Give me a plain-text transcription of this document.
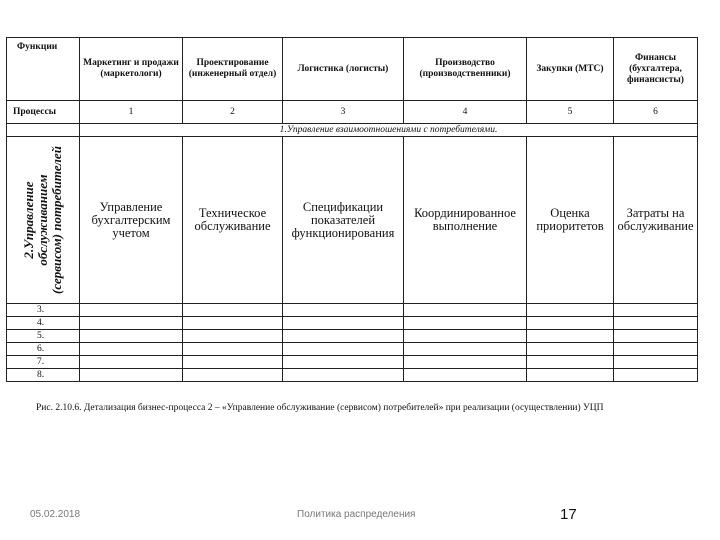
Функции	Маркетинг и продажи (маркетологи)	Проектирование (инженерный отдел)	Логистика (логисты)	Производство (производственники)	Закупки (МТС)	Финансы (бухгалтера, финансисты)
Процессы	1	2	3	4	5	6
	1.Управление взаимоотношениями с потребителями.					

2.Управление обслуживанием (сервисом) потребителей	Управление бухгалтерским учетом	Техническое обслуживание	Спецификации показателей функционирования	Координированное выполнение	Оценка приоритетов	Затраты на обслуживание
3.						
4.						
5.						
6.						
7.						
8.						
Рис. 2.10.6. Детализация бизнес-процесса 2 – «Управление обслуживание (сервисом) потребителей» при реализации (осуществлении) УЦП
05.02.2018	Политика распределения	17
